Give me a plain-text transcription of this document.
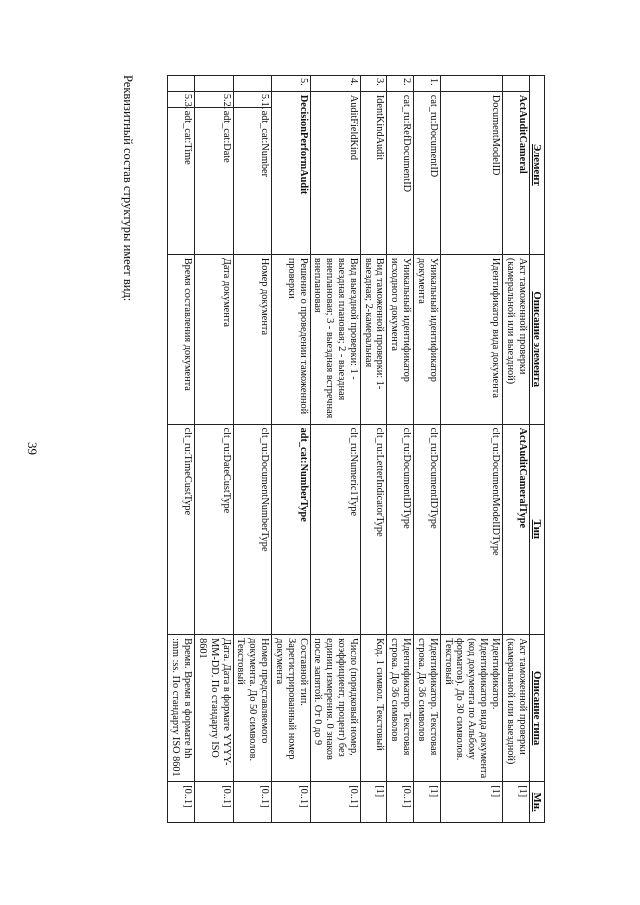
39
Реквизитный состав структуры имеет вид:	Элемент			Описание элемента	Тип	Описание типа	Мн.
	ActAuditCameral		Акт таможенной проверки (камеральной или выездной)	ActAuditCameralType	Акт таможенной проверки (камеральной или выездной)	[1]
	DocumentModelID		Идентификатор вида документа	clt_ru:DocumentModelIDType	Идентификатор. Идентификатор вида документа (код документа по Альбому форматов). До 30 символов. Текстовый	[1]
1.	cat_ru:DocumentID		Уникальный идентификатор документа	clt_ru:DocumentIDType	Идентификатор. Текстовая строка. До 36 символов	[1]
2.	cat_ru:RefDocumentID		Уникальный идентификатор исходного документа	clt_ru:DocumentIDType	Идентификатор. Текстовая строка. До 36 символов	[0..1]
3.	IdentKindAudit		Вид таможенной проверки: 1-выездная; 2-камеральная	clt_ru:LetterIndicatorType	Код. 1 символ. Текстовый	[1]
4.	AuditFieldKind		Вид выездной проверки: 1 - выездная плановая; 2 - выездная внеплановая; 3 - выездная встречная внеплановая	clt_ru:Numeric1Type	Число (порядковый номер, коэффициент, процент) без единиц измерения. 0 знаков после запятой. От 0 до 9	[0..1]
5.	DecisionPerformAudit		Решение о проведении таможенной проверки	adt_cat:NumberType	Составной тип. Зарегистрированный номер документа	[0..1]
	5.1.	adt_cat:Number	Номер документа	clt_ru:DocumentNumberType	Номер представляемого документа. До 50 символов. Текстовый	[0..1]
	5.2.	adt_cat:Date	Дата документа	clt_ru:DateCustType	Дата. Дата в формате YYYY-MM-DD. По стандарту ISO 8601	[0..1]
	5.3.	adt_cat:Time	Время составления документа	clt_ru:TimeCustType	Время. Время в формате hh :mm :ss. По стандарту ISO 8601	[0..1]
